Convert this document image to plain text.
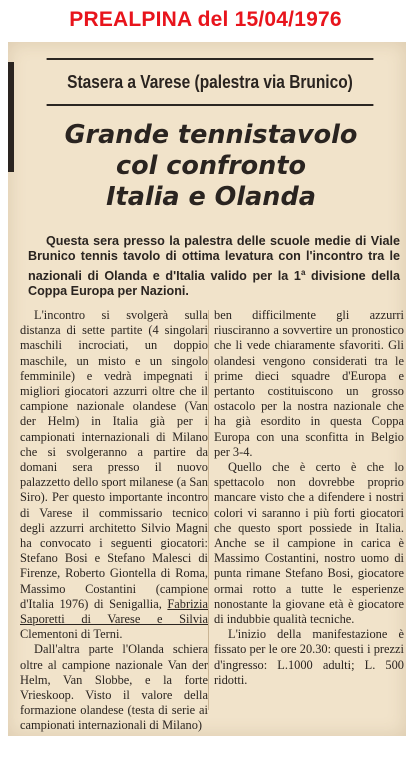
PREALPINA del 15/04/1976
Stasera a Varese (palestra via Brunico)
Grande tennistavolo
col confronto
Italia e Olanda
Questa sera presso la palestra delle scuole medie di Viale Brunico tennis tavolo di ottima levatura con l'incontro tra le nazionali di Olanda e d'Italia valido per la 1$^a$ divisione della Coppa Europa per Nazioni.

L'incontro si svolgerà sulla distanza di sette partite (4 singolari maschili incrociati, un doppio maschile, un misto e un singolo femminile) e vedrà impegnati i migliori giocatori azzurri oltre che il campione nazionale olandese (Van der Helm) in Italia già per i campionati internazionali di Milano che si svolgeranno a partire da domani sera presso il nuovo palazzetto dello sport milanese (a San Siro). Per questo importante incontro di Varese il commissario tecnico degli azzurri architetto Silvio Magni ha convocato i seguenti giocatori: Stefano Bosi e Stefano Malesci di Firenze, Roberto Giontella di Roma, Massimo Costantini (campione d'Italia 1976) di Senigallia, Fabrizia Saporetti di Varese e Silvia Clementoni di Terni.

Dall'altra parte l'Olanda schiera oltre al campione nazionale Van der Helm, Van Slobbe, e la forte Vrieskoop. Visto il valore della formazione olandese (testa di serie ai campionati internazionali di Milano)

ben difficilmente gli azzurri riusciranno a sovvertire un pronostico che li vede chiaramente sfavoriti. Gli olandesi vengono considerati tra le prime dieci squadre d'Europa e pertanto costituiscono un grosso ostacolo per la nostra nazionale che ha già esordito in questa Coppa Europa con una sconfitta in Belgio per 3-4.

Quello che è certo è che lo spettacolo non dovrebbe proprio mancare visto che a difendere i nostri colori vi saranno i più forti giocatori che questo sport possiede in Italia. Anche se il campione in carica è Massimo Costantini, nostro uomo di punta rimane Stefano Bosi, giocatore ormai rotto a tutte le esperienze nonostante la giovane età è giocatore di indubbie qualità tecniche.

L'inizio della manifestazione è fissato per le ore 20.30: questi i prezzi d'ingresso: L.1000 adulti; L. 500 ridotti.
